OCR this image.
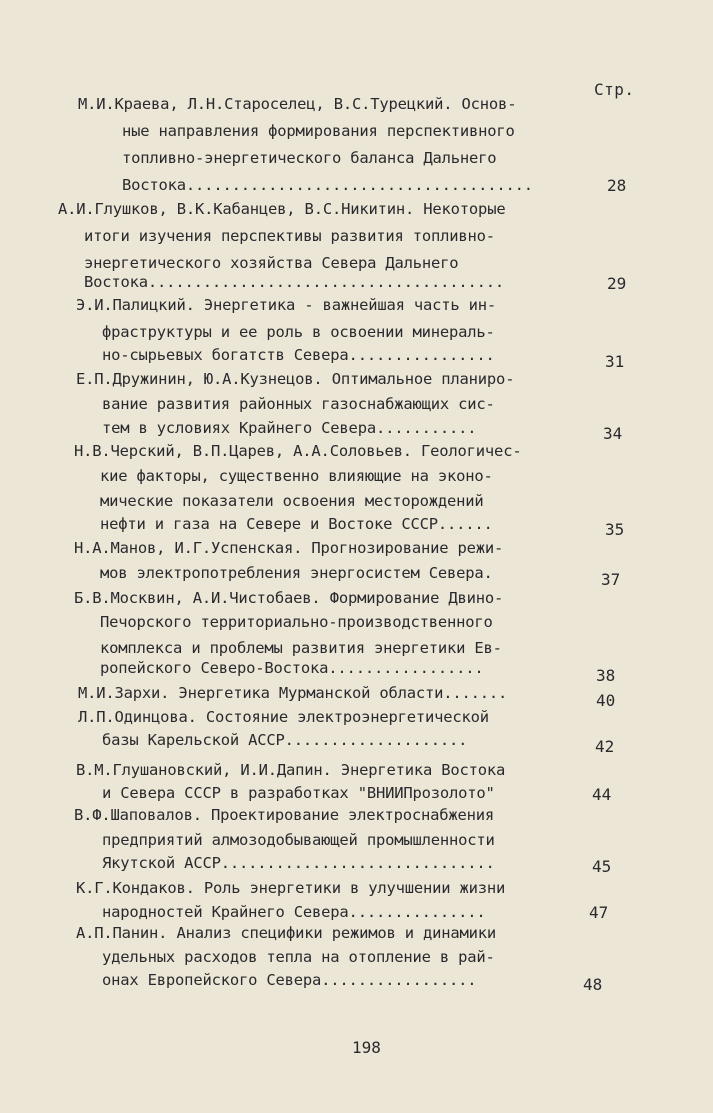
Стр.
М.И.Краева, Л.Н.Староселец, В.С.Турецкий. Основ-
ные направления формирования перспективного
топливно-энергетического баланса Дальнего
Востока......................................	28
А.И.Глушков, В.К.Кабанцев, В.С.Никитин. Некоторые
итоги изучения перспективы развития топливно-
энергетического хозяйства Севера Дальнего
Востока.......................................	29
Э.И.Палицкий. Энергетика - важнейшая часть ин-
фраструктуры и ее роль в освоении минераль-
но-сырьевых богатств Севера................	31
Е.П.Дружинин, Ю.А.Кузнецов. Оптимальное планиро-
вание развития районных газоснабжающих сис-
тем в условиях Крайнего Севера...........	34
Н.В.Черский, В.П.Царев, А.А.Соловьев. Геологичес-
кие факторы, существенно влияющие на эконо-
мические показатели освоения месторождений
нефти и газа на Севере и Востоке СССР......	35
Н.А.Манов, И.Г.Успенская. Прогнозирование режи-
мов электропотребления энергосистем Севера.	37
Б.В.Москвин, А.И.Чистобаев. Формирование Двино-
Печорского территориально-производственного
комплекса и проблемы развития энергетики Ев-
ропейского Северо-Востока.................	38
М.И.Зархи. Энергетика Мурманской области.......	40
Л.П.Одинцова. Состояние электроэнергетической
базы Карельской АССР....................	42
В.М.Глушановский, И.И.Дапин. Энергетика Востока
и Севера СССР в разработках "ВНИИПрозолото"	44
В.Ф.Шаповалов. Проектирование электроснабжения
предприятий алмозодобывающей промышленности
Якутской АССР..............................	45
К.Г.Кондаков. Роль энергетики в улучшении жизни
народностей Крайнего Севера...............	47
А.П.Панин. Анализ специфики режимов и динамики
удельных расходов тепла на отопление в рай-
онах Европейского Севера.................	48
198
